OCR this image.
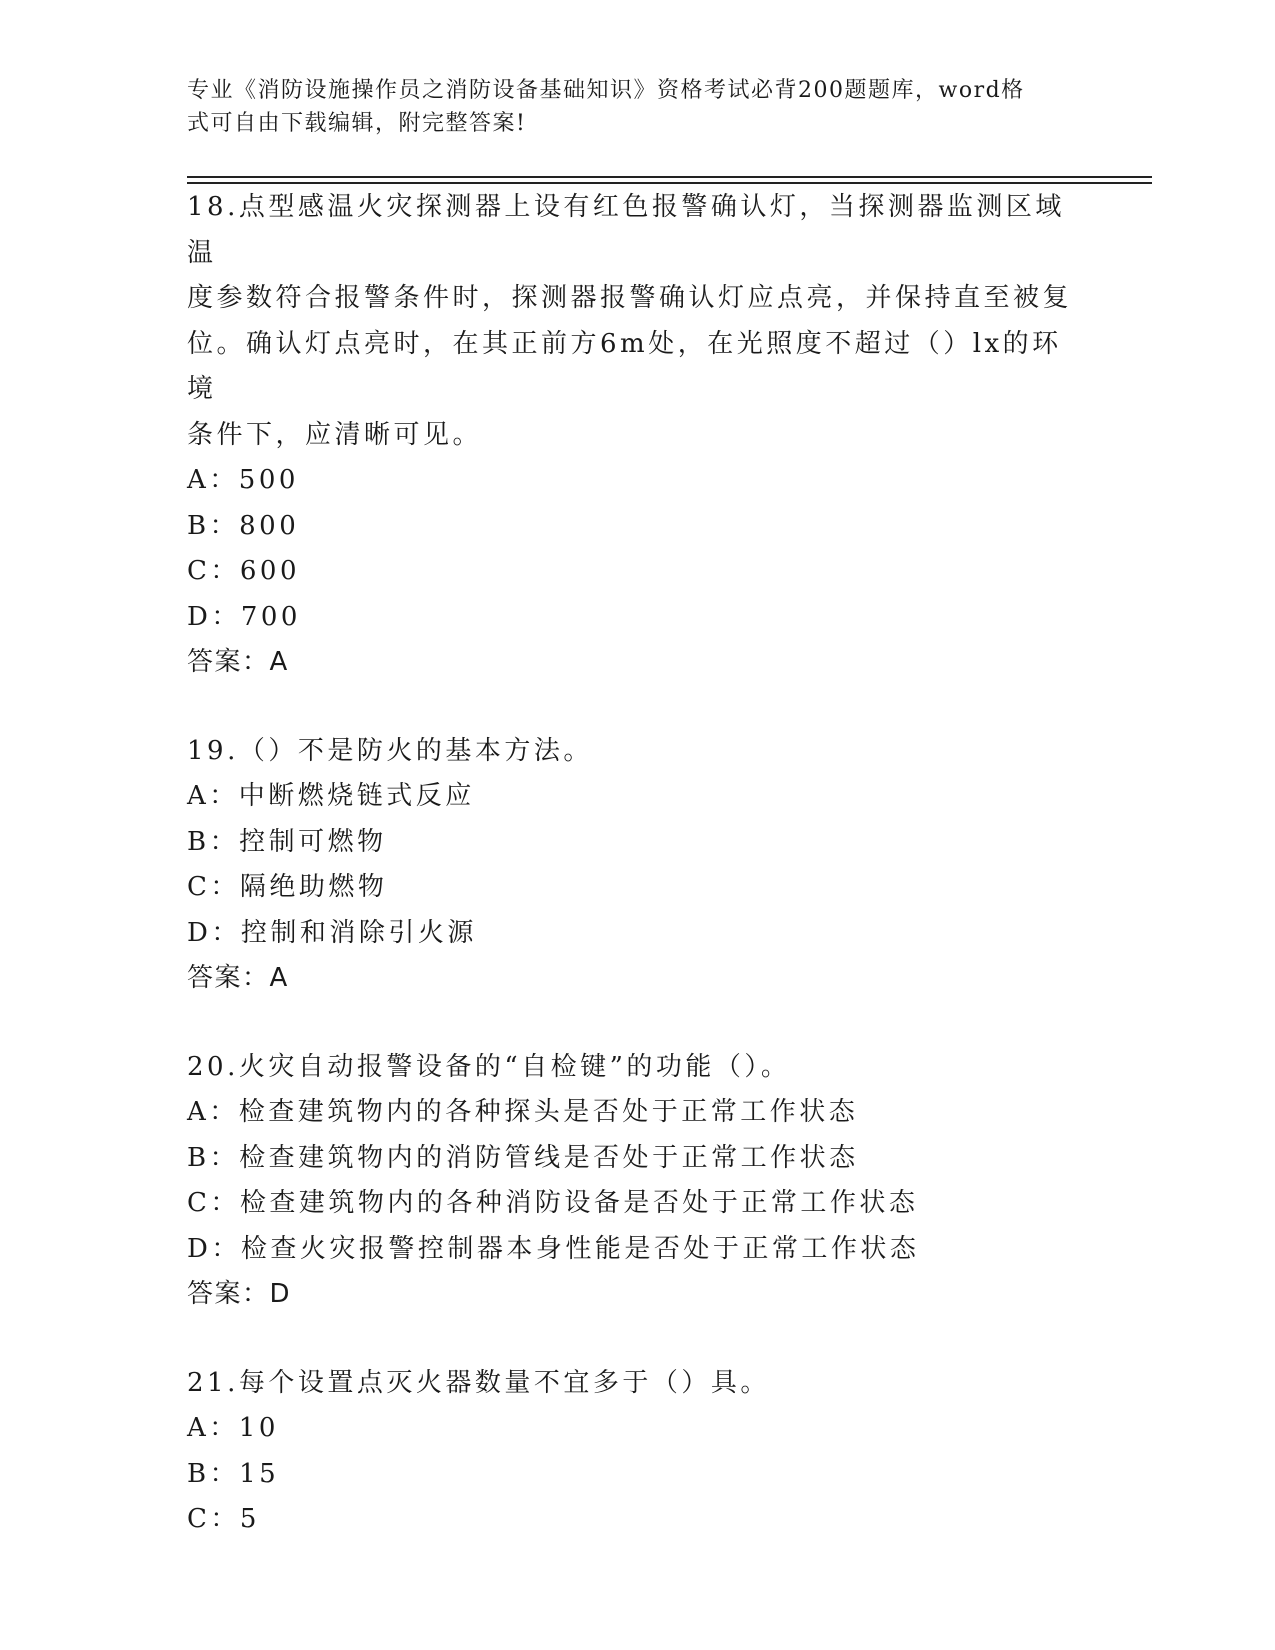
专业《消防设施操作员之消防设备基础知识》资格考试必背200题题库，word格
式可自由下载编辑，附完整答案!
18.点型感温火灾探测器上设有红色报警确认灯，当探测器监测区域温
度参数符合报警条件时，探测器报警确认灯应点亮，并保持直至被复
位。确认灯点亮时，在其正前方6m处，在光照度不超过（）lx的环境
条件下，应清晰可见。
A：500
B：800
C：600
D：700
答案：A
19.（）不是防火的基本方法。
A：中断燃烧链式反应
B：控制可燃物
C：隔绝助燃物
D：控制和消除引火源
答案：A
20.火灾自动报警设备的“自检键”的功能（）。
A：检查建筑物内的各种探头是否处于正常工作状态
B：检查建筑物内的消防管线是否处于正常工作状态
C：检查建筑物内的各种消防设备是否处于正常工作状态
D：检查火灾报警控制器本身性能是否处于正常工作状态
答案：D
21.每个设置点灭火器数量不宜多于（）具。
A：10
B：15
C：5
